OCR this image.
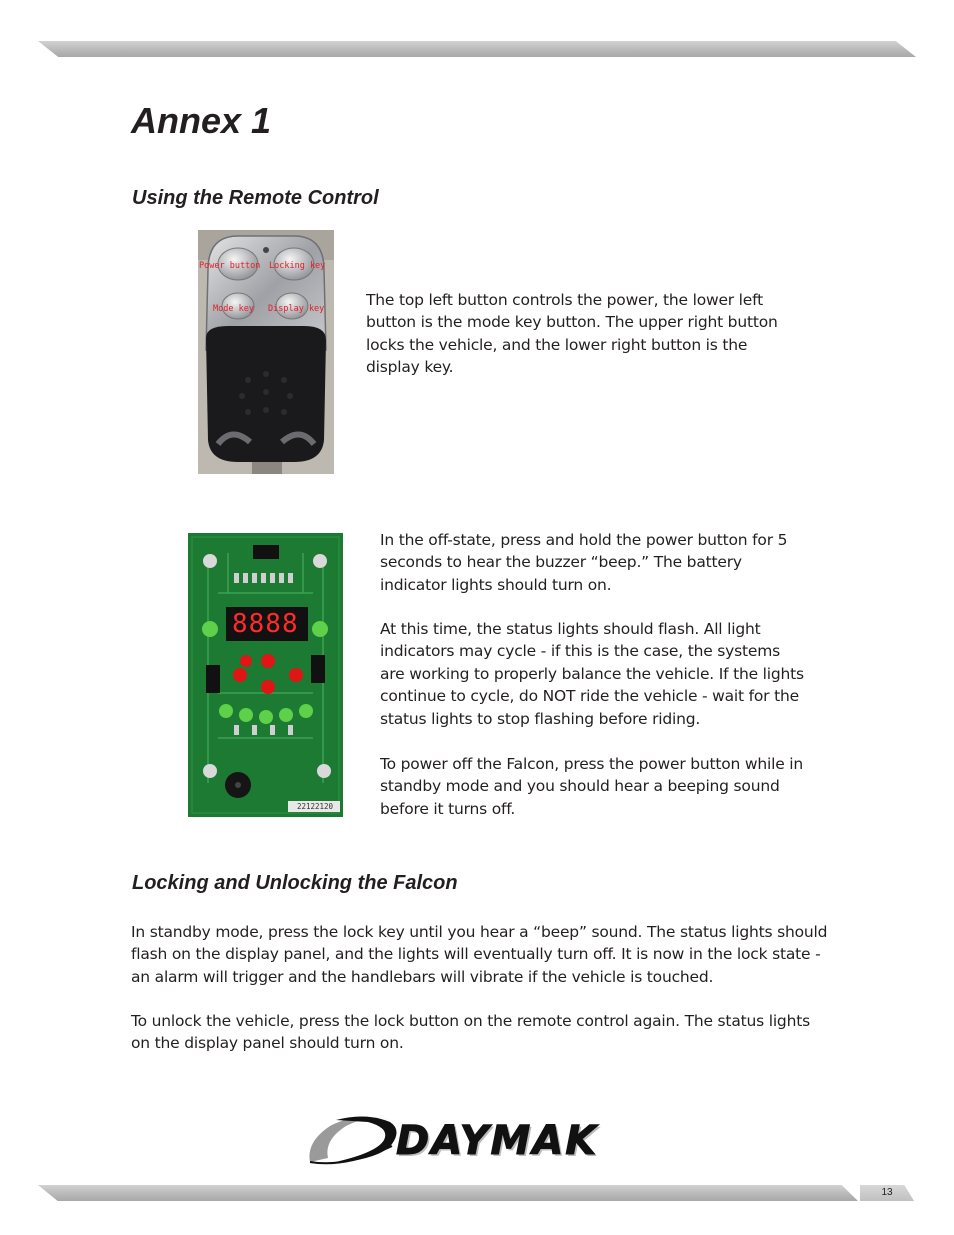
Annex 1
Using the Remote Control
Power button Locking key
Mode key Display key	The top left button controls the power, the lower left button is the mode key button. The upper right button locks the vehicle, and the lower right button is the display key.

8888
22122120

In the off-state, press and hold the power button for 5 seconds to hear the buzzer “beep.” The battery indicator lights should turn on.

At this time, the status lights should flash. All light indicators may cycle - if this is the case, the systems are working to properly balance the vehicle. If the lights continue to cycle, do NOT ride the vehicle - wait for the status lights to stop flashing before riding.

To power off the Falcon, press the power button while in standby mode and you should hear a beeping sound before it turns off.

Locking and Unlocking the Falcon

In standby mode, press the lock key until you hear a “beep” sound. The status lights should flash on the display panel, and the lights will eventually turn off. It is now in the lock state - an alarm will trigger and the handlebars will vibrate if the vehicle is touched.

To unlock the vehicle, press the lock button on the remote control again. The status lights on the display panel should turn on.

DAYMAK
13
